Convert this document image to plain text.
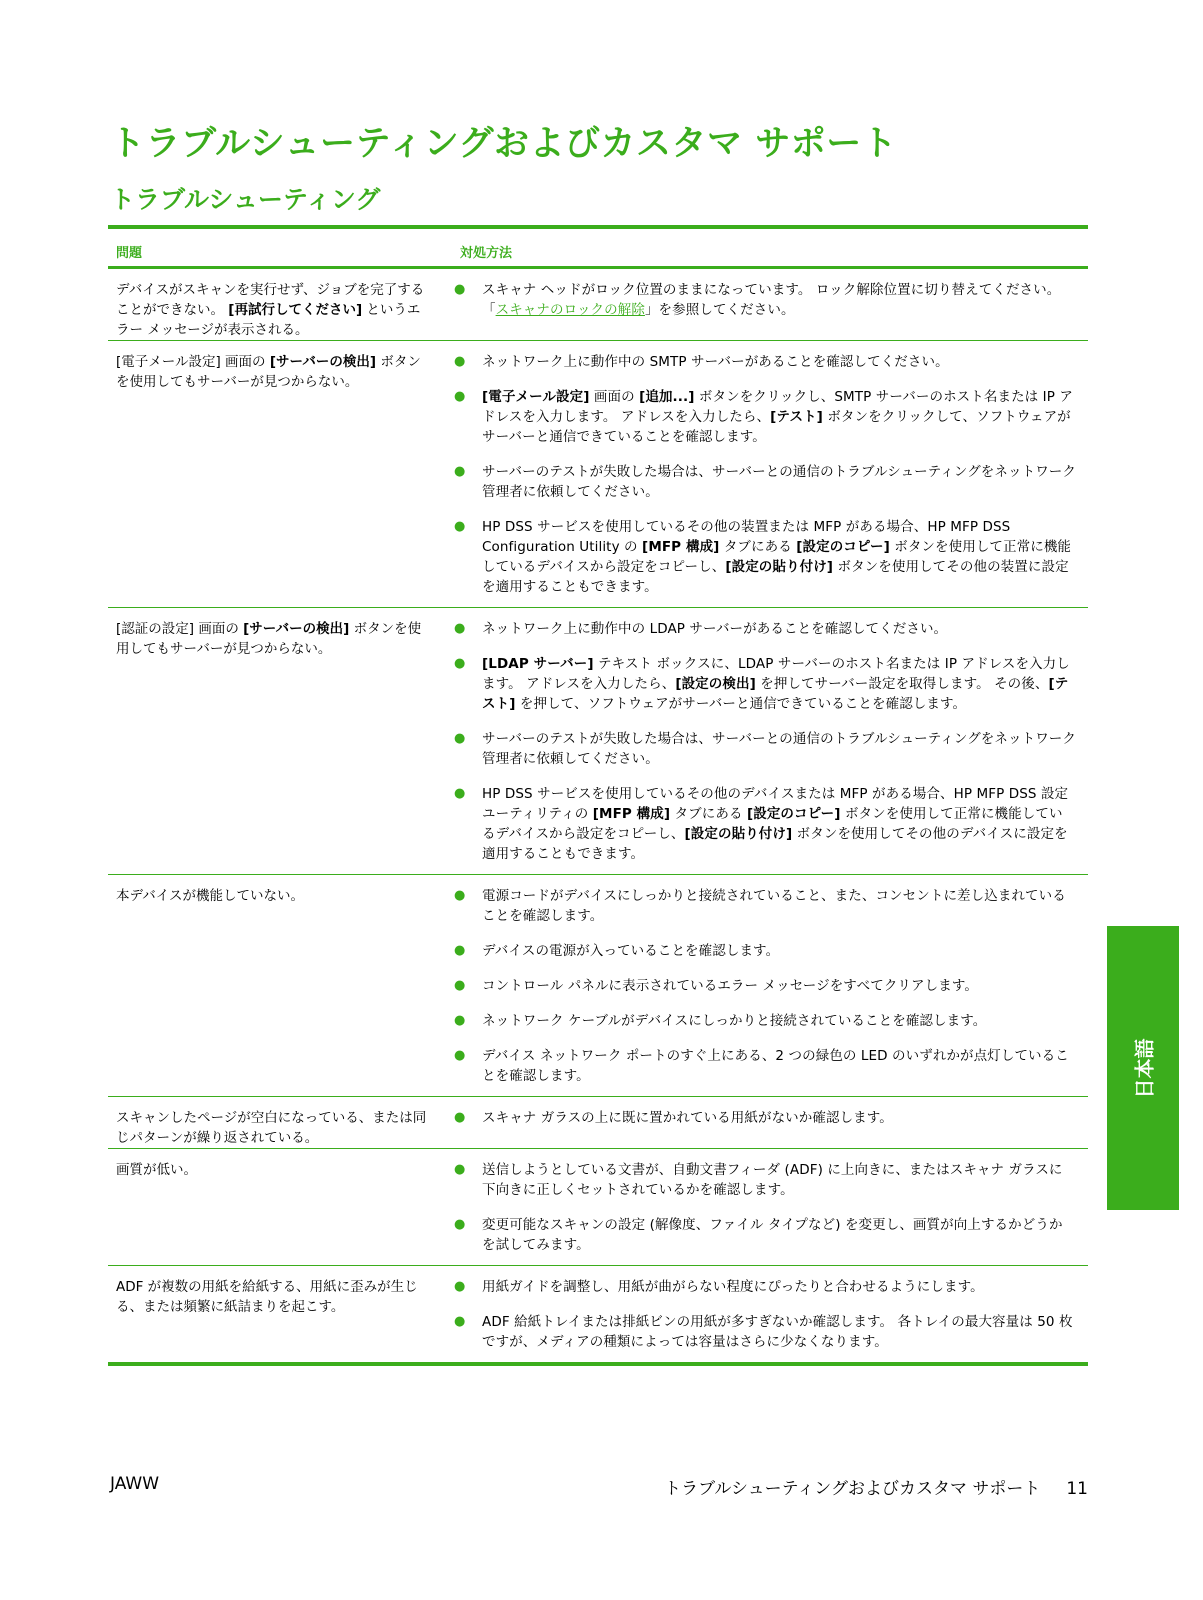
トラブルシューティングおよびカスタマ サポート
トラブルシューティング
問題	対処方法
デバイスがスキャンを実行せず、ジョブを完了することができない。 [再試行してください] というエラー メッセージが表示される。
●	スキャナ ヘッドがロック位置のままになっています。 ロック解除位置に切り替えてください。「スキャナのロックの解除」を参照してください。
[電子メール設定] 画面の [サーバーの検出] ボタンを使用してもサーバーが見つからない。
●	ネットワーク上に動作中の SMTP サーバーがあることを確認してください。
●	[電子メール設定] 画面の [追加...] ボタンをクリックし、SMTP サーバーのホスト名または IP アドレスを入力します。 アドレスを入力したら、[テスト] ボタンをクリックして、ソフトウェアがサーバーと通信できていることを確認します。
●	サーバーのテストが失敗した場合は、サーバーとの通信のトラブルシューティングをネットワーク管理者に依頼してください。
●	HP DSS サービスを使用しているその他の装置または MFP がある場合、HP MFP DSS Configuration Utility の [MFP 構成] タブにある [設定のコピー] ボタンを使用して正常に機能しているデバイスから設定をコピーし、[設定の貼り付け] ボタンを使用してその他の装置に設定を適用することもできます。
[認証の設定] 画面の [サーバーの検出] ボタンを使用してもサーバーが見つからない。
●	ネットワーク上に動作中の LDAP サーバーがあることを確認してください。
●	[LDAP サーバー] テキスト ボックスに、LDAP サーバーのホスト名または IP アドレスを入力します。 アドレスを入力したら、[設定の検出] を押してサーバー設定を取得します。 その後、[テスト] を押して、ソフトウェアがサーバーと通信できていることを確認します。
●	サーバーのテストが失敗した場合は、サーバーとの通信のトラブルシューティングをネットワーク管理者に依頼してください。
●	HP DSS サービスを使用しているその他のデバイスまたは MFP がある場合、HP MFP DSS 設定ユーティリティの [MFP 構成] タブにある [設定のコピー] ボタンを使用して正常に機能しているデバイスから設定をコピーし、[設定の貼り付け] ボタンを使用してその他のデバイスに設定を適用することもできます。
本デバイスが機能していない。	●	電源コードがデバイスにしっかりと接続されていること、また、コンセントに差し込まれていることを確認します。
●	デバイスの電源が入っていることを確認します。
●	コントロール パネルに表示されているエラー メッセージをすべてクリアします。
●	ネットワーク ケーブルがデバイスにしっかりと接続されていることを確認します。
●	デバイス ネットワーク ポートのすぐ上にある、2 つの緑色の LED のいずれかが点灯していることを確認します。
スキャンしたページが空白になっている、または同じパターンが繰り返されている。
●	スキャナ ガラスの上に既に置かれている用紙がないか確認します。
画質が低い。	●	送信しようとしている文書が、自動文書フィーダ (ADF) に上向きに、またはスキャナ ガラスに下向きに正しくセットされているかを確認します。
●	変更可能なスキャンの設定 (解像度、ファイル タイプなど) を変更し、画質が向上するかどうかを試してみます。
ADF が複数の用紙を給紙する、用紙に歪みが生じる、または頻繁に紙詰まりを起こす。
●	用紙ガイドを調整し、用紙が曲がらない程度にぴったりと合わせるようにします。
●	ADF 給紙トレイまたは排紙ビンの用紙が多すぎないか確認します。 各トレイの最大容量は 50 枚ですが、メディアの種類によっては容量はさらに少なくなります。
日本語
JAWW	トラブルシューティングおよびカスタマ サポート 11
